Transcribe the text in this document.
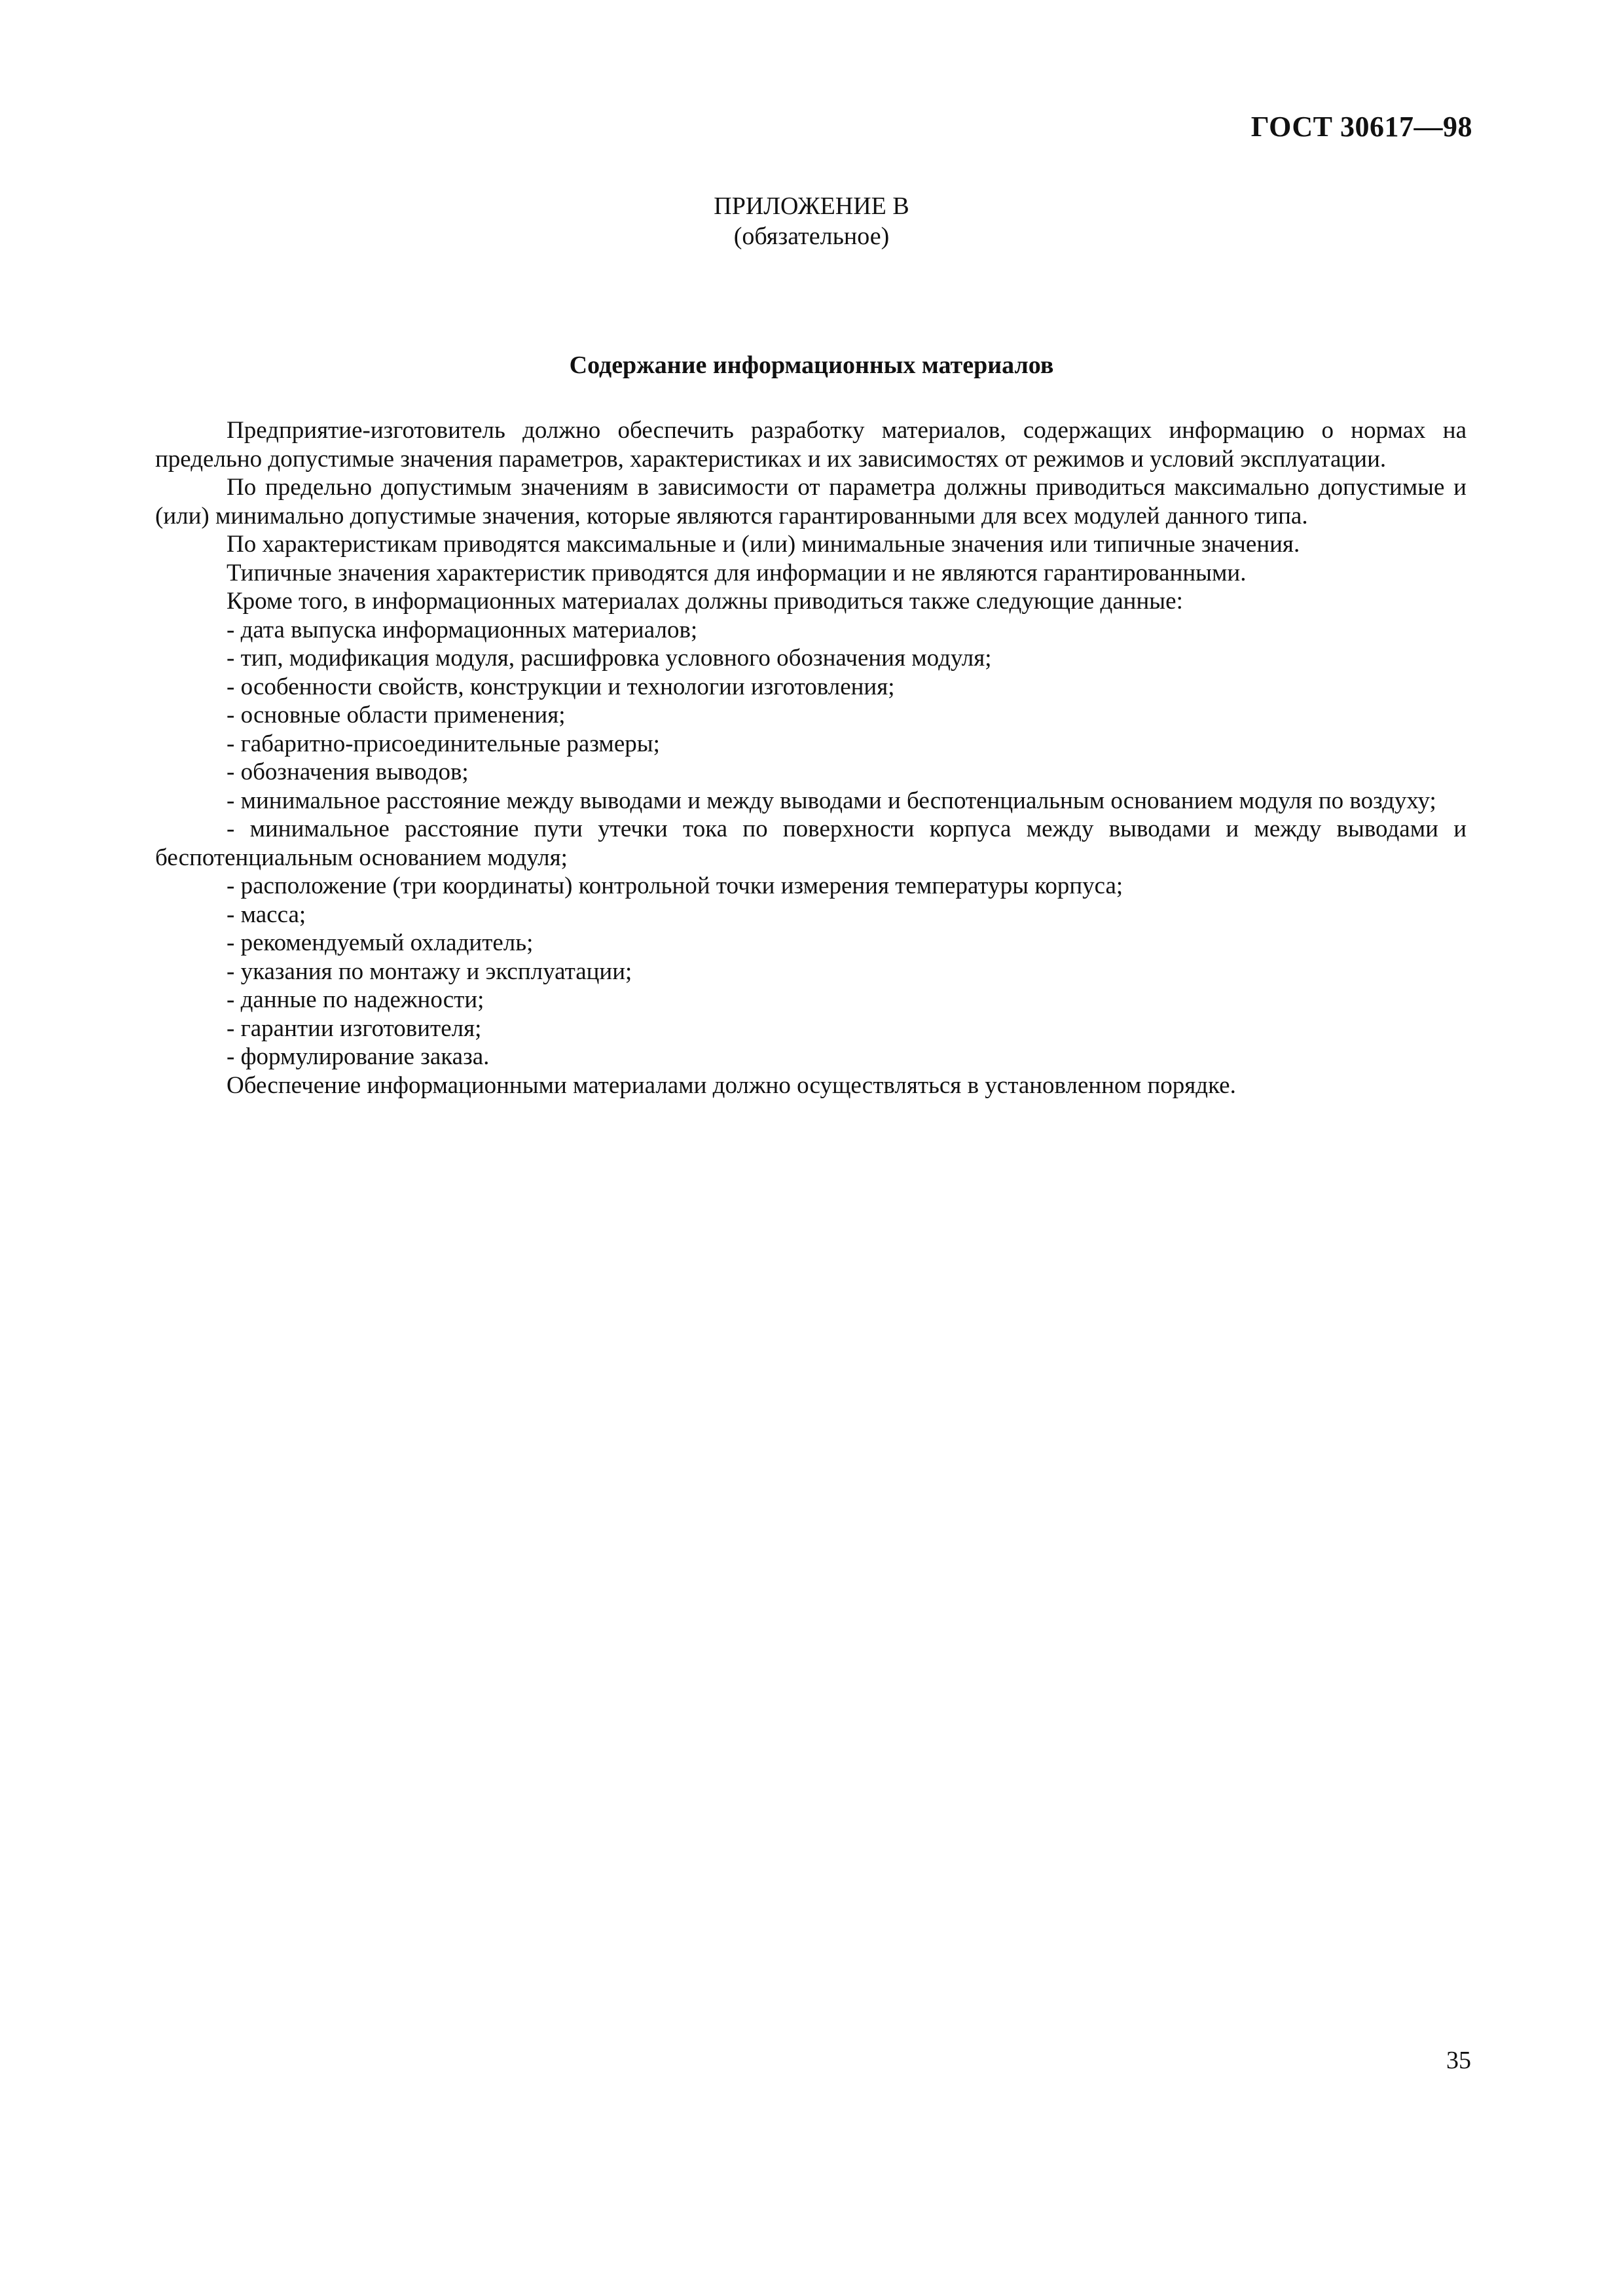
ГОСТ 30617—98
ПРИЛОЖЕНИЕ В
(обязательное)
Содержание информационных материалов

Предприятие-изготовитель должно обеспечить разработку материалов, содержащих информацию о нормах на предельно допустимые значения параметров, характеристиках и их зависимостях от режимов и условий эксплуатации.

По предельно допустимым значениям в зависимости от параметра должны приводиться максимально допустимые и (или) минимально допустимые значения, которые являются гарантированными для всех модулей данного типа.

По характеристикам приводятся максимальные и (или) минимальные значения или типичные значения.

Типичные значения характеристик приводятся для информации и не являются гарантированными.

Кроме того, в информационных материалах должны приводиться также следующие данные:

- дата выпуска информационных материалов;
- тип, модификация модуля, расшифровка условного обозначения модуля;
- особенности свойств, конструкции и технологии изготовления;
- основные области применения;
- габаритно-присоединительные размеры;
- обозначения выводов;
- минимальное расстояние между выводами и между выводами и беспотенциальным основанием модуля по воздуху;
- минимальное расстояние пути утечки тока по поверхности корпуса между выводами и между выводами и беспотенциальным основанием модуля;
- расположение (три координаты) контрольной точки измерения температуры корпуса;
- масса;
- рекомендуемый охладитель;
- указания по монтажу и эксплуатации;
- данные по надежности;
- гарантии изготовителя;
- формулирование заказа.

Обеспечение информационными материалами должно осуществляться в установленном порядке.

35
